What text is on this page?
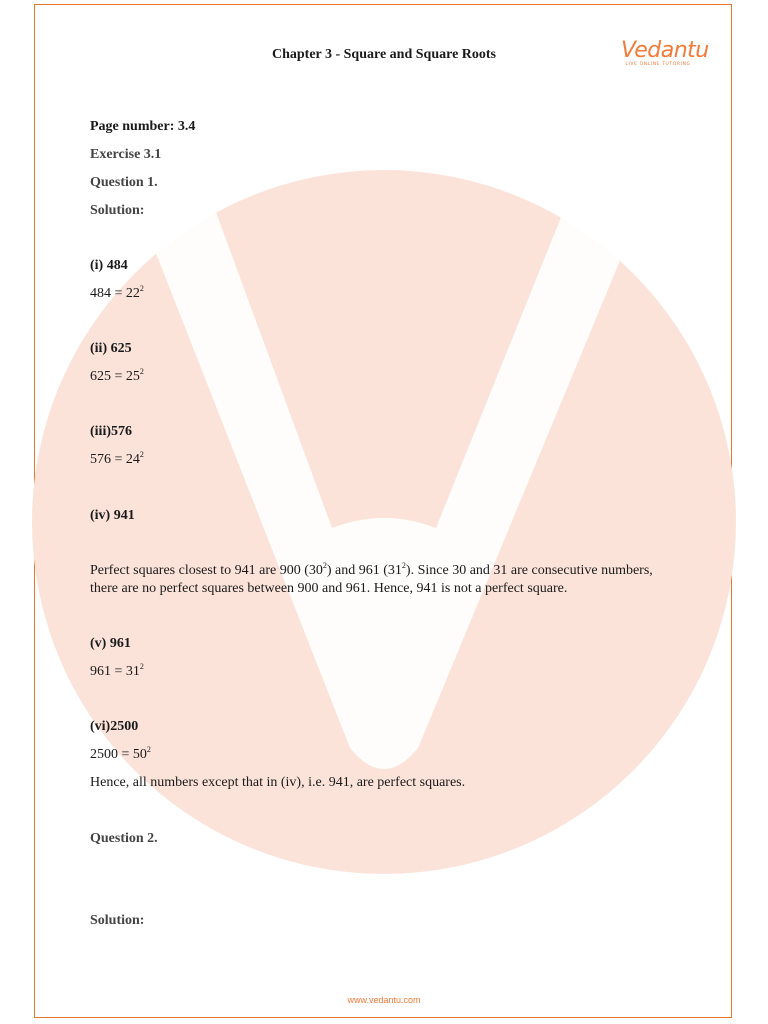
Chapter 3 - Square and Square Roots	Vedantu
LIVE ONLINE TUTORING
Page number: 3.4
Exercise 3.1
Question 1.
Solution:
(i) 484
$484 = 22^2$
(ii) 625
$625 = 25^2$
(iii)576
$576 = 24^2$
(iv) 941
Perfect squares closest to 941 are 900 $(30^2)$ and 961 $(31^2)$. Since 30 and 31 are consecutive numbers, there are no perfect squares between 900 and 961. Hence, 941 is not a perfect square.
(v) 961
$961 = 31^2$
(vi)2500
$2500 = 50^2$
Hence, all numbers except that in (iv), i.e. 941, are perfect squares.
Question 2.
Solution:
www.vedantu.com
